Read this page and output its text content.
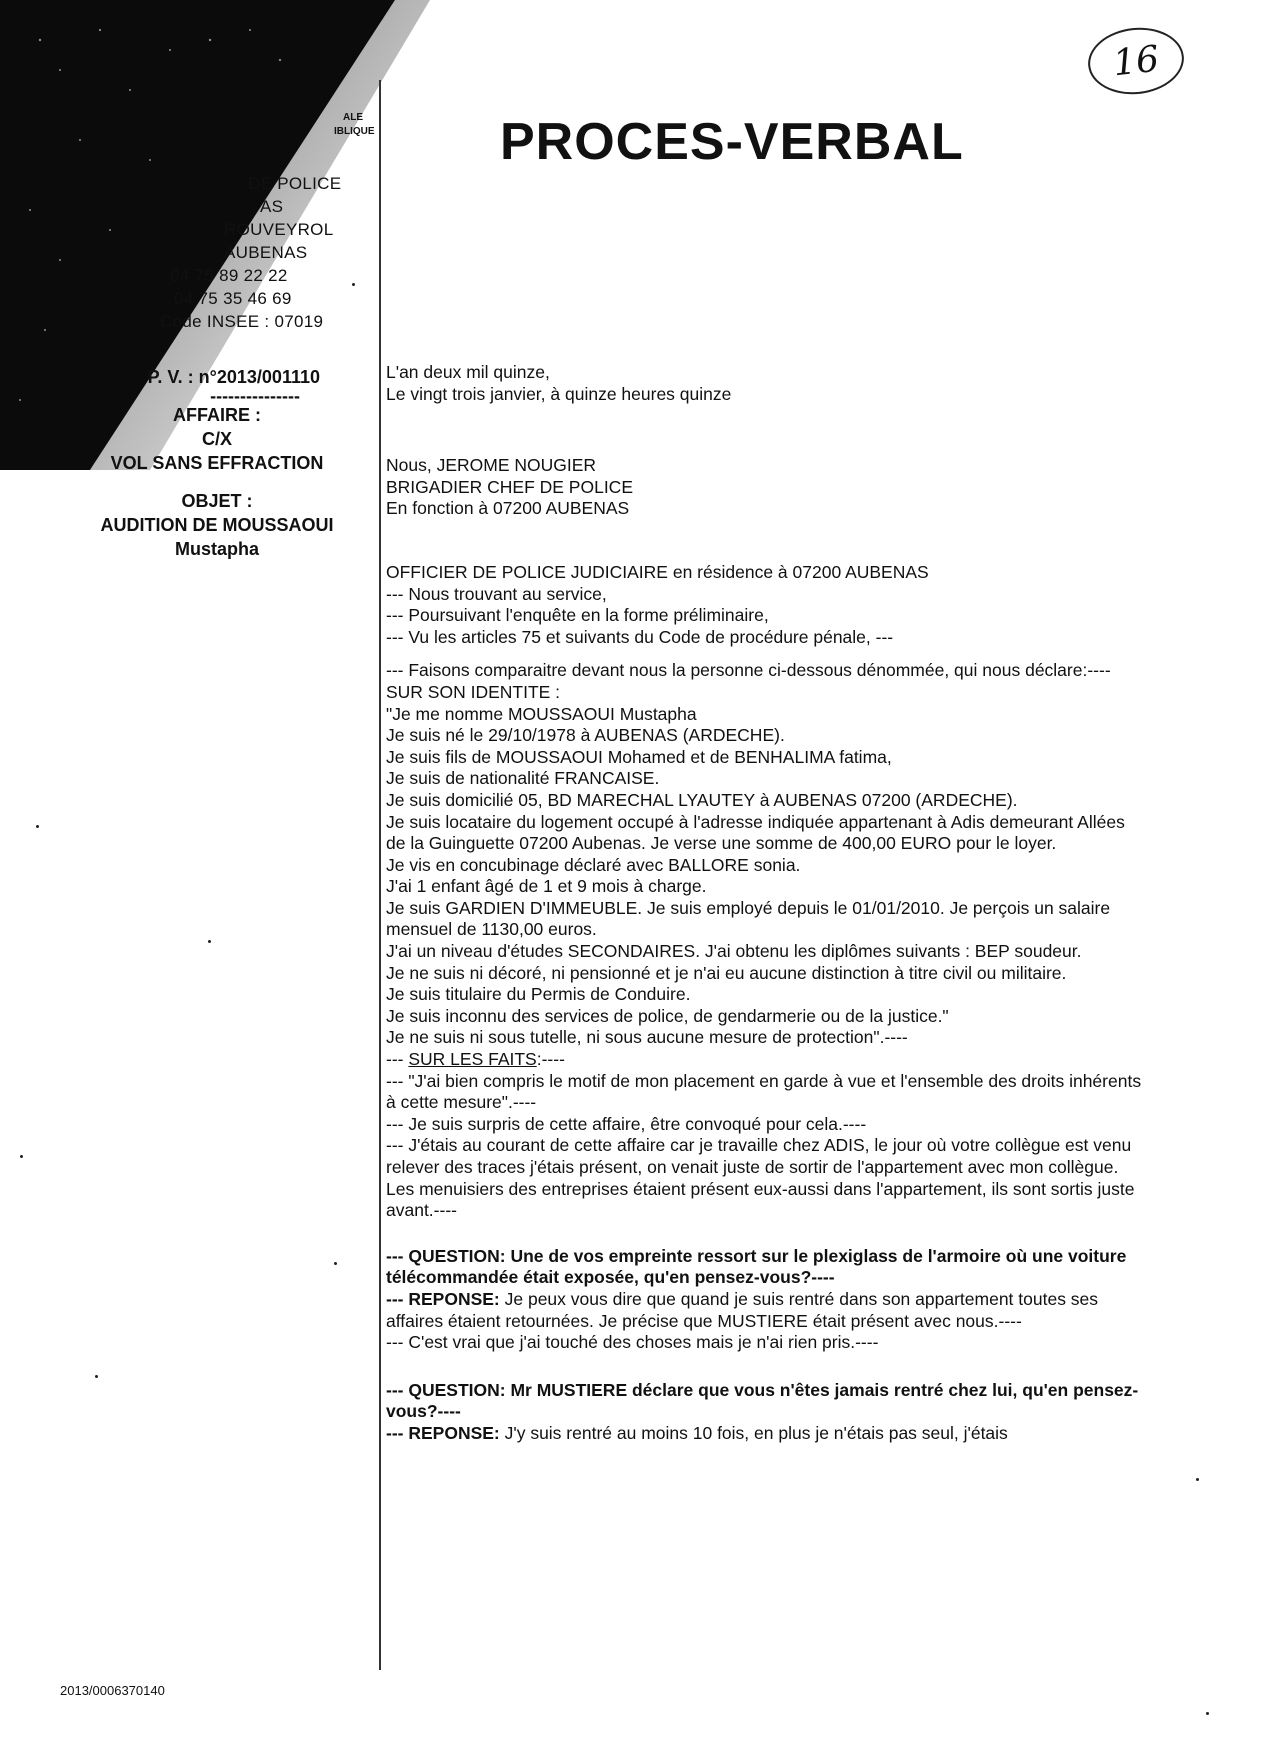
ALE
IBLIQUE
DE POLICE
AS
ROUVEYROL
AUBENAS
04 75 89 22 22
04 75 35 46 69
Code INSEE : 07019
PROCES-VERBAL
16
P. V. : n°2013/001110
---------------
AFFAIRE :
C/X
VOL SANS EFFRACTION
OBJET :
AUDITION DE MOUSSAOUI
Mustapha
L'an deux mil quinze,
Le vingt trois janvier, à quinze heures quinze
Nous, JEROME NOUGIER
BRIGADIER CHEF DE POLICE
En fonction à 07200 AUBENAS
OFFICIER DE POLICE JUDICIAIRE en résidence à 07200 AUBENAS
--- Nous trouvant au service,
--- Poursuivant l'enquête en la forme préliminaire,
--- Vu les articles 75 et suivants du Code de procédure pénale, ---
--- Faisons comparaitre devant nous la personne ci-dessous dénommée, qui nous déclare:----
SUR SON IDENTITE :
"Je me nomme MOUSSAOUI Mustapha
Je suis né le 29/10/1978 à AUBENAS (ARDECHE).
Je suis fils de MOUSSAOUI Mohamed et de BENHALIMA fatima,
Je suis de nationalité FRANCAISE.
Je suis domicilié 05, BD MARECHAL LYAUTEY à AUBENAS 07200 (ARDECHE).
Je suis locataire du logement occupé à l'adresse indiquée appartenant à Adis demeurant Allées de la Guinguette 07200 Aubenas. Je verse une somme de 400,00 EURO pour le loyer.
Je vis en concubinage déclaré avec BALLORE sonia.
J'ai 1 enfant âgé de 1 et 9 mois à charge.
Je suis GARDIEN D'IMMEUBLE. Je suis employé depuis le 01/01/2010. Je perçois un salaire mensuel de 1130,00 euros.
J'ai un niveau d'études SECONDAIRES. J'ai obtenu les diplômes suivants : BEP soudeur.
Je ne suis ni décoré, ni pensionné et je n'ai eu aucune distinction à titre civil ou militaire.
Je suis titulaire du Permis de Conduire.
Je suis inconnu des services de police, de gendarmerie ou de la justice."
Je ne suis ni sous tutelle, ni sous aucune mesure de protection".----
--- SUR LES FAITS:----
--- "J'ai bien compris le motif de mon placement en garde à vue et l'ensemble des droits inhérents à cette mesure".----
--- Je suis surpris de cette affaire, être convoqué pour cela.----
--- J'étais au courant de cette affaire car je travaille chez ADIS, le jour où votre collègue est venu relever des traces j'étais présent, on venait juste de sortir de l'appartement avec mon collègue. Les menuisiers des entreprises étaient présent eux-aussi dans l'appartement, ils sont sortis juste avant.----
--- QUESTION: Une de vos empreinte ressort sur le plexiglass de l'armoire où une voiture télécommandée était exposée, qu'en pensez-vous?----
--- REPONSE: Je peux vous dire que quand je suis rentré dans son appartement toutes ses affaires étaient retournées. Je précise que MUSTIERE était présent avec nous.----
--- C'est vrai que j'ai touché des choses mais je n'ai rien pris.----
--- QUESTION: Mr MUSTIERE déclare que vous n'êtes jamais rentré chez lui, qu'en pensez-vous?----
--- REPONSE: J'y suis rentré au moins 10 fois, en plus je n'étais pas seul, j'étais
2013/0006370140
